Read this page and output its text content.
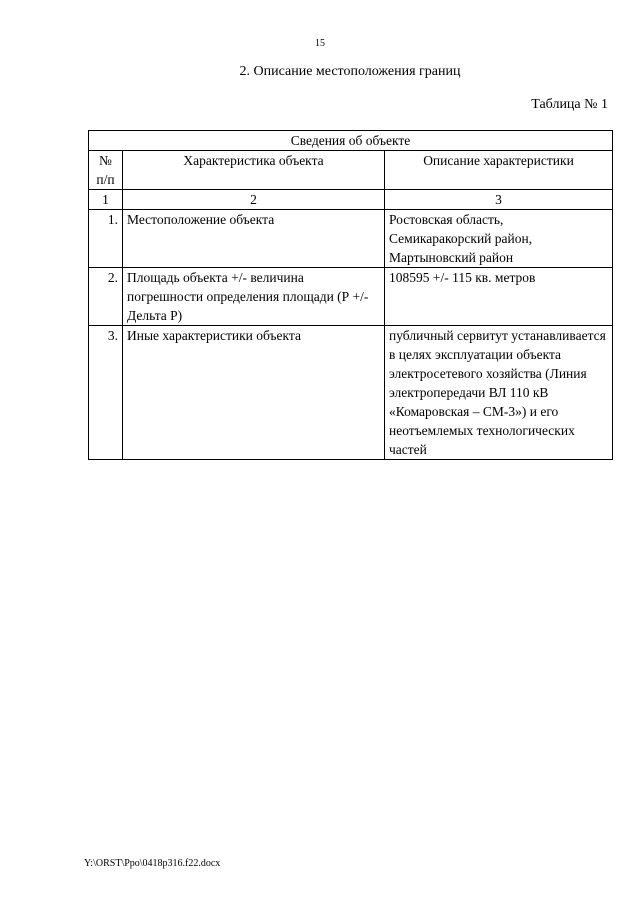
15
2. Описание местоположения границ
Таблица № 1
Сведения об объекте		
№ п/п	Характеристика объекта	Описание характеристики
1	2	3
1.	Местоположение объекта	Ростовская область, Семикаракорский район, Мартыновский район
2.	Площадь объекта +/- величина погрешности определения площади (Р +/- Дельта Р)	108595 +/- 115 кв. метров
3.	Иные характеристики объекта	публичный сервитут устанавливается в целях эксплуатации объекта электросетевого хозяйства (Линия электропередачи ВЛ 110 кВ «Комаровская – СМ-3») и его неотъемлемых технологических частей
Y:\ORST\Ppo\0418p316.f22.docx
